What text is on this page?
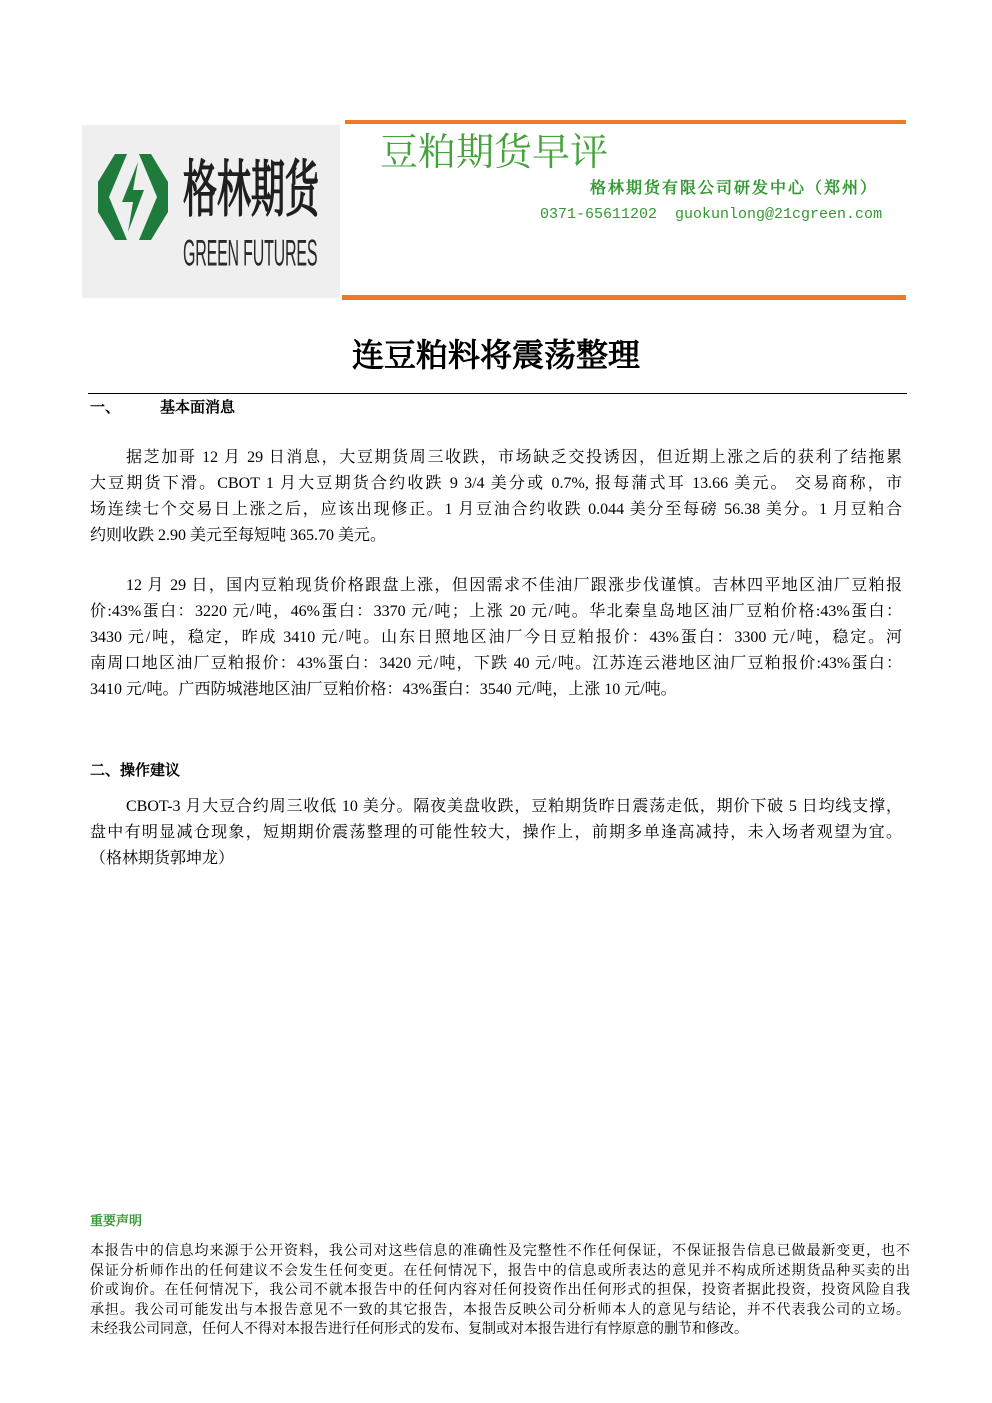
格林期货
GREEN FUTURES
豆粕期货早评
格林期货有限公司研发中心（郑州）
0371-65611202 guokunlong@21cgreen.com
连豆粕料将震荡整理
一、	基本面消息
据芝加哥 12 月 29 日消息，大豆期货周三收跌，市场缺乏交投诱因，但近期上涨之后的获利了结拖累
大豆期货下滑。CBOT 1 月大豆期货合约收跌 9 3/4 美分或 0.7%, 报每蒲式耳 13.66 美元。 交易商称，市
场连续七个交易日上涨之后，应该出现修正。1 月豆油合约收跌 0.044 美分至每磅 56.38 美分。1 月豆粕合
约则收跌 2.90 美元至每短吨 365.70 美元。
12 月 29 日，国内豆粕现货价格跟盘上涨，但因需求不佳油厂跟涨步伐谨慎。吉林四平地区油厂豆粕报
价:43%蛋白：3220 元/吨，46%蛋白：3370 元/吨；上涨 20 元/吨。华北秦皇岛地区油厂豆粕价格:43%蛋白：
3430 元/吨，稳定，昨成 3410 元/吨。山东日照地区油厂今日豆粕报价：43%蛋白：3300 元/吨，稳定。河
南周口地区油厂豆粕报价：43%蛋白：3420 元/吨，下跌 40 元/吨。江苏连云港地区油厂豆粕报价:43%蛋白：
3410 元/吨。广西防城港地区油厂豆粕价格：43%蛋白：3540 元/吨，上涨 10 元/吨。
二、操作建议
CBOT-3 月大豆合约周三收低 10 美分。隔夜美盘收跌，豆粕期货昨日震荡走低，期价下破 5 日均线支撑，
盘中有明显减仓现象，短期期价震荡整理的可能性较大，操作上，前期多单逢高减持，未入场者观望为宜。
（格林期货郭坤龙）
重要声明
本报告中的信息均来源于公开资料，我公司对这些信息的准确性及完整性不作任何保证，不保证报告信息已做最新变更，也不
保证分析师作出的任何建议不会发生任何变更。在任何情况下，报告中的信息或所表达的意见并不构成所述期货品种买卖的出
价或询价。在任何情况下，我公司不就本报告中的任何内容对任何投资作出任何形式的担保，投资者据此投资，投资风险自我
承担。我公司可能发出与本报告意见不一致的其它报告，本报告反映公司分析师本人的意见与结论，并不代表我公司的立场。
未经我公司同意，任何人不得对本报告进行任何形式的发布、复制或对本报告进行有悖原意的删节和修改。
